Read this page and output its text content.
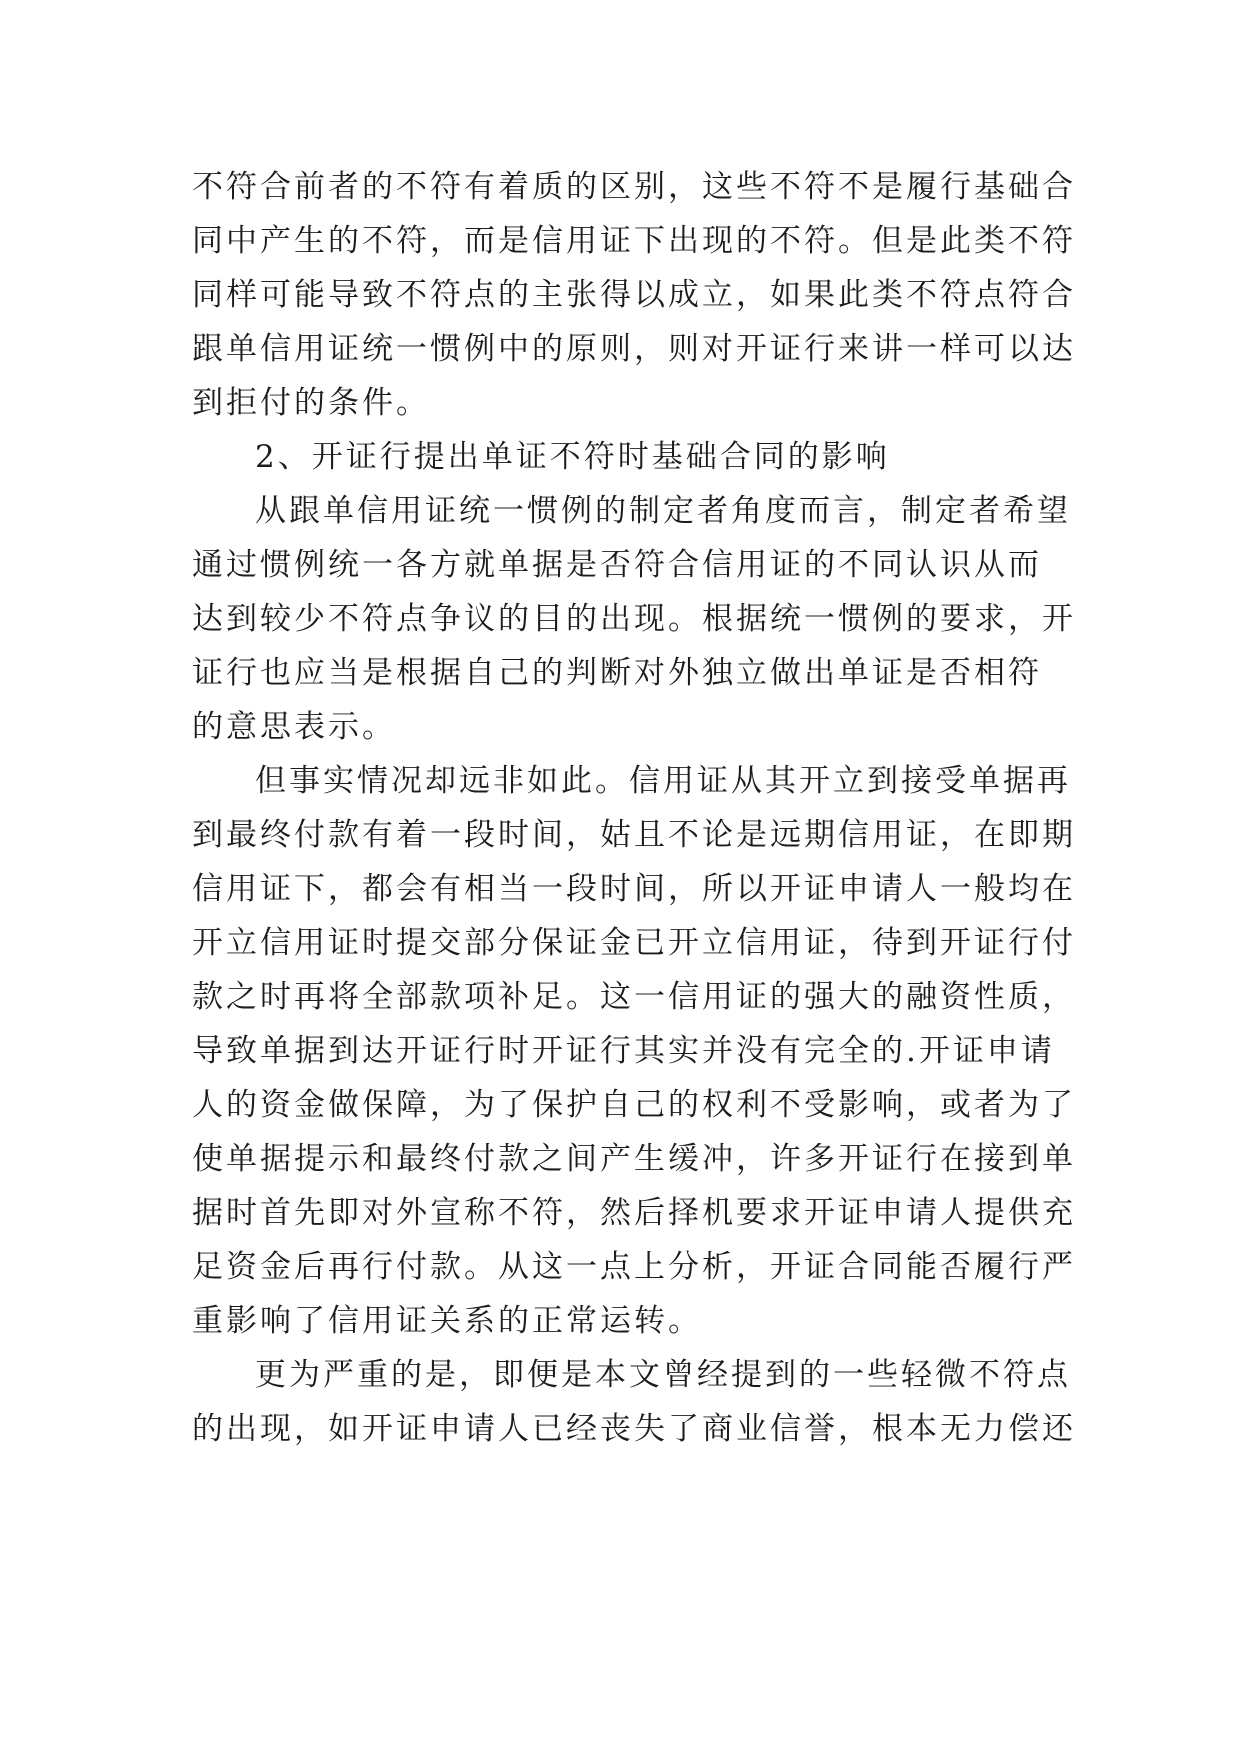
不符合前者的不符有着质的区别，这些不符不是履行基础合
同中产生的不符，而是信用证下出现的不符。但是此类不符
同样可能导致不符点的主张得以成立，如果此类不符点符合
跟单信用证统一惯例中的原则，则对开证行来讲一样可以达
到拒付的条件。
2、开证行提出单证不符时基础合同的影响
从跟单信用证统一惯例的制定者角度而言，制定者希望
通过惯例统一各方就单据是否符合信用证的不同认识从而
达到较少不符点争议的目的出现。根据统一惯例的要求，开
证行也应当是根据自己的判断对外独立做出单证是否相符
的意思表示。
但事实情况却远非如此。信用证从其开立到接受单据再
到最终付款有着一段时间，姑且不论是远期信用证，在即期
信用证下，都会有相当一段时间，所以开证申请人一般均在
开立信用证时提交部分保证金已开立信用证，待到开证行付
款之时再将全部款项补足。这一信用证的强大的融资性质，
导致单据到达开证行时开证行其实并没有完全的.开证申请
人的资金做保障，为了保护自己的权利不受影响，或者为了
使单据提示和最终付款之间产生缓冲，许多开证行在接到单
据时首先即对外宣称不符，然后择机要求开证申请人提供充
足资金后再行付款。从这一点上分析，开证合同能否履行严
重影响了信用证关系的正常运转。
更为严重的是，即便是本文曾经提到的一些轻微不符点
的出现，如开证申请人已经丧失了商业信誉，根本无力偿还
